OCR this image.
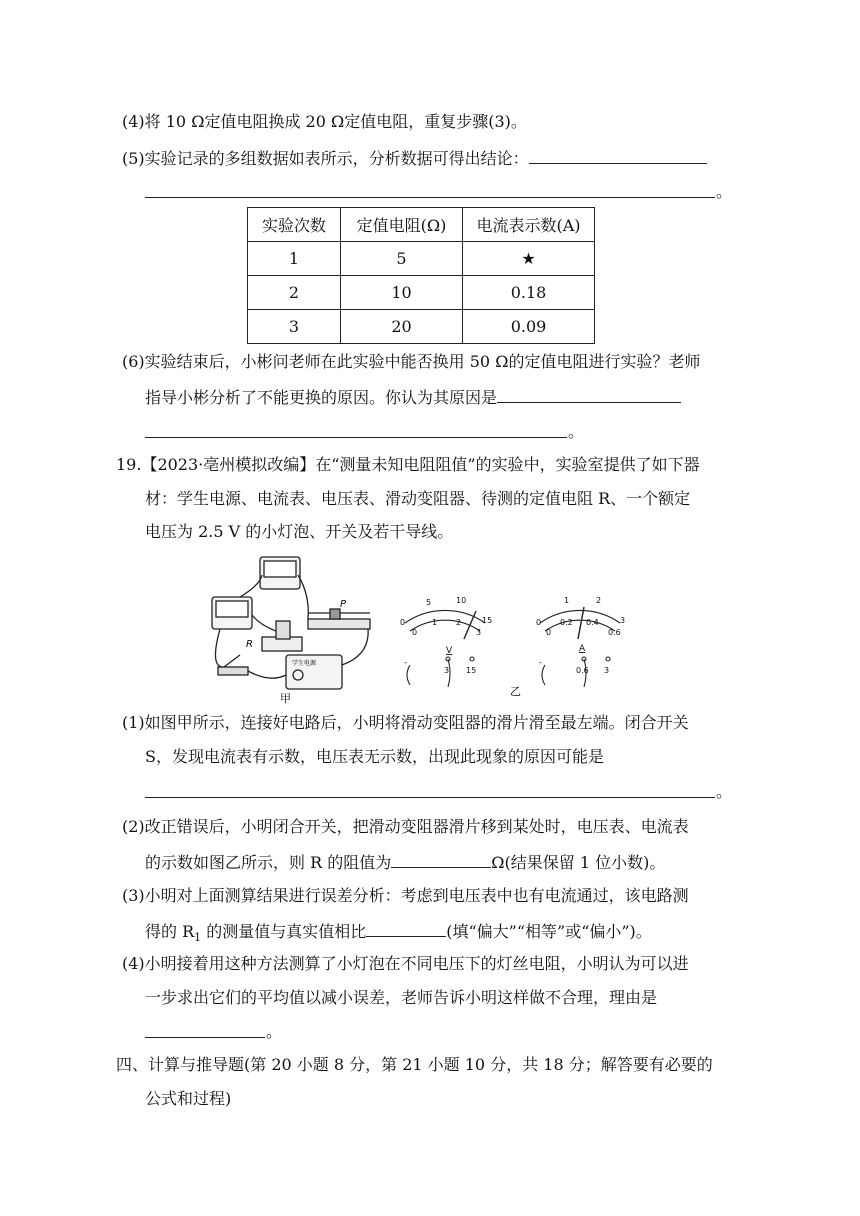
(4)将 10 Ω定值电阻换成 20 Ω定值电阻，重复步骤(3)。
(5)实验记录的多组数据如表所示，分析数据可得出结论：
。
实验次数	定值电阻(Ω)	电流表示数(A)
1	5	★
2	10	0.18
3	20	0.09
(6)实验结束后，小彬问老师在此实验中能否换用 50 Ω的定值电阻进行实验？老师
指导小彬分析了不能更换的原因。你认为其原因是
。
19.【2023·亳州模拟改编】在“测量未知电阻阻值”的实验中，实验室提供了如下器
材：学生电源、电流表、电压表、滑动变阻器、待测的定值电阻 R、一个额定
电压为 2.5 V 的小灯泡、开关及若干导线。
R
P
学生电源
甲
0
5	10
15
0
1 2
3
V
-
3 15
0
1	2
3
0
0.2 0.4
0.6
A
-
0.6 3
乙
(1)如图甲所示，连接好电路后，小明将滑动变阻器的滑片滑至最左端。闭合开关
S，发现电流表有示数，电压表无示数，出现此现象的原因可能是
。
(2)改正错误后，小明闭合开关，把滑动变阻器滑片移到某处时，电压表、电流表
的示数如图乙所示，则 R 的阻值为	Ω(结果保留 1 位小数)。
(3)小明对上面测算结果进行误差分析：考虑到电压表中也有电流通过，该电路测
得的 $R_1$ 的测量值与真实值相比	(填“偏大”“相等”或“偏小”)。
(4)小明接着用这种方法测算了小灯泡在不同电压下的灯丝电阻，小明认为可以进
一步求出它们的平均值以减小误差，老师告诉小明这样做不合理，理由是
。
四、计算与推导题(第 20 小题 8 分，第 21 小题 10 分，共 18 分；解答要有必要的
公式和过程)
